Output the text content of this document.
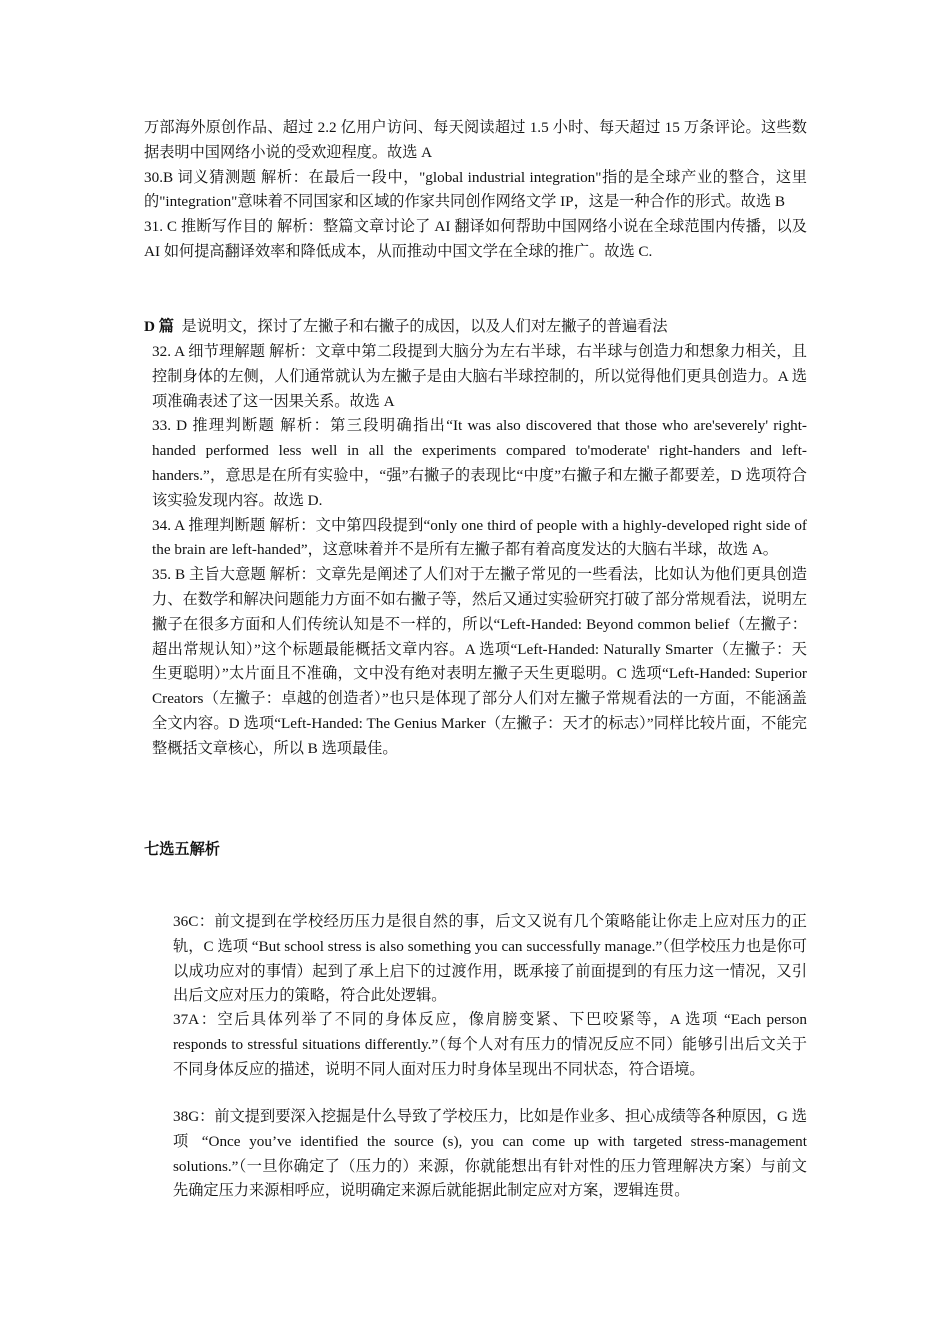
万部海外原创作品、超过 2.2 亿用户访问、每天阅读超过 1.5 小时、每天超过 15 万条评论。这些数据表明中国网络小说的受欢迎程度。故选 A

30.B 词义猜测题 解析：在最后一段中，"global industrial integration"指的是全球产业的整合，这里的"integration"意味着不同国家和区域的作家共同创作网络文学 IP，这是一种合作的形式。故选 B

31. C 推断写作目的 解析：整篇文章讨论了 AI 翻译如何帮助中国网络小说在全球范围内传播，以及 AI 如何提高翻译效率和降低成本，从而推动中国文学在全球的推广。故选 C.

D 篇  是说明文，探讨了左撇子和右撇子的成因，以及人们对左撇子的普遍看法

32. A 细节理解题 解析：文章中第二段提到大脑分为左右半球，右半球与创造力和想象力相关，且控制身体的左侧，人们通常就认为左撇子是由大脑右半球控制的，所以觉得他们更具创造力。A 选项准确表述了这一因果关系。故选 A

33. D 推理判断题 解析：第三段明确指出“It was also discovered that those who are'severely' right-handed performed less well in all the experiments compared to'moderate' right-handers and left-handers.”，意思是在所有实验中，“强”右撇子的表现比“中度”右撇子和左撇子都要差，D 选项符合该实验发现内容。故选 D.

34. A 推理判断题 解析：文中第四段提到“only one third of people with a highly-developed right side of the brain are left-handed”，这意味着并不是所有左撇子都有着高度发达的大脑右半球，故选 A。

35. B 主旨大意题 解析：文章先是阐述了人们对于左撇子常见的一些看法，比如认为他们更具创造力、在数学和解决问题能力方面不如右撇子等，然后又通过实验研究打破了部分常规看法，说明左撇子在很多方面和人们传统认知是不一样的，所以“Left-Handed: Beyond common belief（左撇子：超出常规认知）”这个标题最能概括文章内容。A 选项“Left-Handed: Naturally Smarter（左撇子：天生更聪明）”太片面且不准确，文中没有绝对表明左撇子天生更聪明。C 选项“Left-Handed: Superior Creators（左撇子：卓越的创造者）”也只是体现了部分人们对左撇子常规看法的一方面，不能涵盖全文内容。D 选项“Left-Handed: The Genius Marker（左撇子：天才的标志）”同样比较片面，不能完整概括文章核心，所以 B 选项最佳。

七选五解析

36C：前文提到在学校经历压力是很自然的事，后文又说有几个策略能让你走上应对压力的正轨，C 选项 “But school stress is also something you can successfully manage.”（但学校压力也是你可以成功应对的事情）起到了承上启下的过渡作用，既承接了前面提到的有压力这一情况，又引出后文应对压力的策略，符合此处逻辑。

37A：空后具体列举了不同的身体反应，像肩膀变紧、下巴咬紧等，A 选项 “Each person responds to stressful situations differently.”（每个人对有压力的情况反应不同）能够引出后文关于不同身体反应的描述，说明不同人面对压力时身体呈现出不同状态，符合语境。

38G：前文提到要深入挖掘是什么导致了学校压力，比如是作业多、担心成绩等各种原因，G 选项 “Once you’ve identified the source (s), you can come up with targeted stress-management solutions.”（一旦你确定了（压力的）来源，你就能想出有针对性的压力管理解决方案）与前文先确定压力来源相呼应，说明确定来源后就能据此制定应对方案，逻辑连贯。
